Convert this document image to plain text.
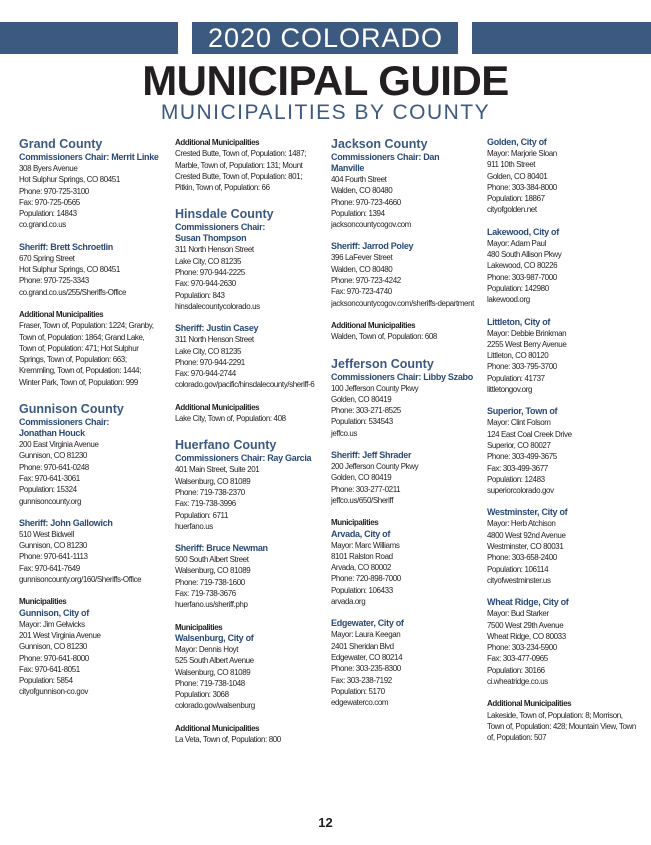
2020 COLORADO
MUNICIPAL GUIDE
MUNICIPALITIES BY COUNTY
Grand County
Commissioners Chair: Merrit Linke
308 Byers Avenue
Hot Sulphur Springs, CO 80451
Phone: 970-725-3100
Fax: 970-725-0565
Population: 14843
co.grand.co.us
Sheriff: Brett Schroetlin
670 Spring Street
Hot Sulphur Springs, CO 80451
Phone: 970-725-3343
co.grand.co.us/255/Sheriffs-Office
Additional Municipalities
Fraser, Town of, Population: 1224; Granby, Town of, Population: 1864; Grand Lake, Town of, Population: 471; Hot Sulphur Springs, Town of, Population: 663; Kremmling, Town of, Population: 1444; Winter Park, Town of, Population: 999
Gunnison County
Commissioners Chair:
Jonathan Houck
200 East Virginia Avenue
Gunnison, CO 81230
Phone: 970-641-0248
Fax: 970-641-3061
Population: 15324
gunnisoncounty.org
Sheriff: John Gallowich
510 West Bidwell
Gunnison, CO 81230
Phone: 970-641-1113
Fax: 970-641-7649
gunnisoncounty.org/160/Sheriffs-Office
Municipalities
Gunnison, City of
Mayor: Jim Gelwicks
201 West Virginia Avenue
Gunnison, CO 81230
Phone: 970-641-8000
Fax: 970-641-8051
Population: 5854
cityofgunnison-co.gov
Additional Municipalities
Crested Butte, Town of, Population: 1487; Marble, Town of, Population: 131; Mount Crested Butte, Town of, Population: 801; Pitkin, Town of, Population: 66
Hinsdale County
Commissioners Chair:
Susan Thompson
311 North Henson Street
Lake City, CO 81235
Phone: 970-944-2225
Fax: 970-944-2630
Population: 843
hinsdalecountycolorado.us
Sheriff: Justin Casey
311 North Henson Street
Lake City, CO 81235
Phone: 970-944-2291
Fax: 970-944-2744
colorado.gov/pacific/hinsdalecounty/sheriff-6
Additional Municipalities
Lake City, Town of, Population: 408
Huerfano County
Commissioners Chair: Ray Garcia
401 Main Street, Suite 201
Walsenburg, CO 81089
Phone: 719-738-2370
Fax: 719-738-3996
Population: 6711
huerfano.us
Sheriff: Bruce Newman
500 South Albert Street
Walsenburg, CO 81089
Phone: 719-738-1600
Fax: 719-738-3676
huerfano.us/sheriff.php
Municipalities
Walsenburg, City of
Mayor: Dennis Hoyt
525 South Albert Avenue
Walsenburg, CO 81089
Phone: 719-738-1048
Population: 3068
colorado.gov/walsenburg
Additional Municipalities
La Veta, Town of, Population: 800
Jackson County
Commissioners Chair: Dan Manville
404 Fourth Street
Walden, CO 80480
Phone: 970-723-4660
Population: 1394
jacksoncountycogov.com
Sheriff: Jarrod Poley
396 LaFever Street
Walden, CO 80480
Phone: 970-723-4242
Fax: 970-723-4740
jacksoncountycogov.com/sheriffs-department
Additional Municipalities
Walden, Town of, Population: 608
Jefferson County
Commissioners Chair: Libby Szabo
100 Jefferson County Pkwy
Golden, CO 80419
Phone: 303-271-8525
Population: 534543
jeffco.us
Sheriff: Jeff Shrader
200 Jefferson County Pkwy
Golden, CO 80419
Phone: 303-277-0211
jeffco.us/650/Sheriff
Municipalities
Arvada, City of
Mayor: Marc Williams
8101 Ralston Road
Arvada, CO 80002
Phone: 720-898-7000
Population: 106433
arvada.org
Edgewater, City of
Mayor: Laura Keegan
2401 Sheridan Blvd
Edgewater, CO 80214
Phone: 303-235-8300
Fax: 303-238-7192
Population: 5170
edgewaterco.com
Golden, City of
Mayor: Marjorie Sloan
911 10th Street
Golden, CO 80401
Phone: 303-384-8000
Population: 18867
cityofgolden.net
Lakewood, City of
Mayor: Adam Paul
480 South Allison Pkwy
Lakewood, CO 80226
Phone: 303-987-7000
Population: 142980
lakewood.org
Littleton, City of
Mayor: Debbie Brinkman
2255 West Berry Avenue
Littleton, CO 80120
Phone: 303-795-3700
Population: 41737
littletongov.org
Superior, Town of
Mayor: Clint Folsom
124 East Coal Creek Drive
Superior, CO 80027
Phone: 303-499-3675
Fax: 303-499-3677
Population: 12483
superiorcolorado.gov
Westminster, City of
Mayor: Herb Atchison
4800 West 92nd Avenue
Westminster, CO 80031
Phone: 303-658-2400
Population: 106114
cityofwestminster.us
Wheat Ridge, City of
Mayor: Bud Starker
7500 West 29th Avenue
Wheat Ridge, CO 80033
Phone: 303-234-5900
Fax: 303-477-0965
Population: 30166
ci.wheatridge.co.us
Additional Municipalities
Lakeside, Town of, Population: 8; Morrison, Town of, Population: 428; Mountain View, Town of, Population: 507
12
